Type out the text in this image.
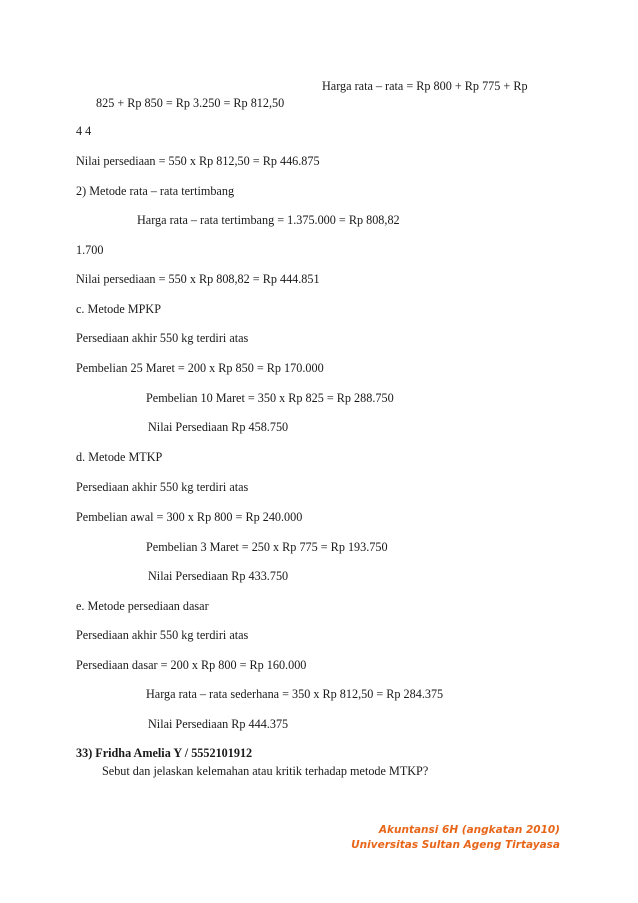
Harga rata – rata = Rp 800 + Rp 775 + Rp
825 + Rp 850 = Rp 3.250 = Rp 812,50
4 4
Nilai persediaan = 550 x Rp 812,50 = Rp 446.875
2) Metode rata – rata tertimbang
Harga rata – rata tertimbang = 1.375.000 = Rp 808,82
1.700
Nilai persediaan = 550 x Rp 808,82 = Rp 444.851
c. Metode MPKP
Persediaan akhir 550 kg terdiri atas
Pembelian 25 Maret = 200 x Rp 850 = Rp 170.000
Pembelian 10 Maret = 350 x Rp 825 = Rp 288.750
Nilai Persediaan Rp 458.750
d. Metode MTKP
Persediaan akhir 550 kg terdiri atas
Pembelian awal = 300 x Rp 800 = Rp 240.000
Pembelian 3 Maret = 250 x Rp 775 = Rp 193.750
Nilai Persediaan Rp 433.750
e. Metode persediaan dasar
Persediaan akhir 550 kg terdiri atas
Persediaan dasar = 200 x Rp 800 = Rp 160.000
Harga rata – rata sederhana = 350 x Rp 812,50 = Rp 284.375
Nilai Persediaan Rp 444.375
33) Fridha Amelia Y / 5552101912
Sebut dan jelaskan kelemahan atau kritik terhadap metode MTKP?
Akuntansi 6H (angkatan 2010)
Universitas Sultan Ageng Tirtayasa
